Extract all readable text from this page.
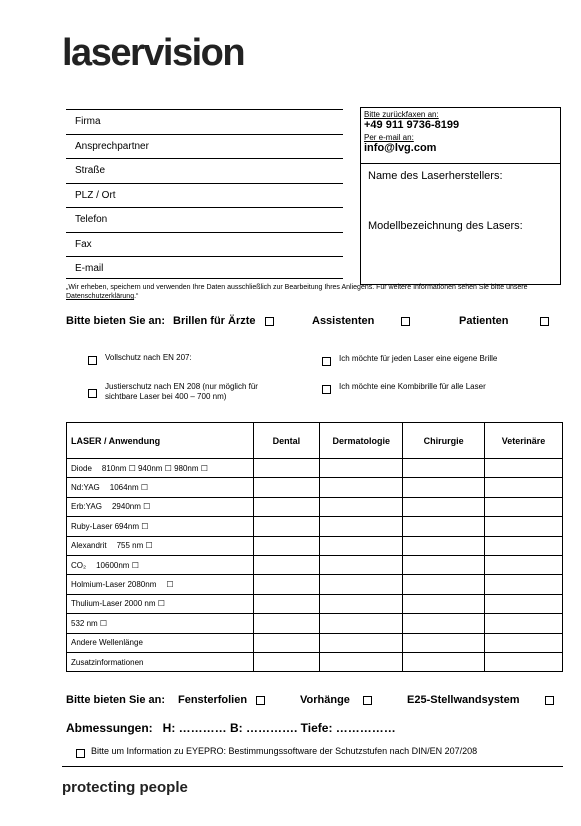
laservision
Firma
Ansprechpartner
Straße
PLZ / Ort
Telefon
Fax
E-mail
Bitte zurückfaxen an:
+49 911 9736-8199
Per e-mail an:
info@lvg.com
Name des Laserherstellers:
Modellbezeichnung des Lasers:
„Wir erheben, speichern und verwenden Ihre Daten ausschließlich zur Bearbeitung Ihres Anliegens. Für weitere Informationen sehen Sie bitte unsere Datenschutzerklärung.“
Bitte bieten Sie an: Brillen für Ärzte	Assistenten	Patienten
Vollschutz nach EN 207:
Justierschutz nach EN 208 (nur möglich für
sichtbare Laser bei 400 – 700 nm)
Ich möchte für jeden Laser eine eigene Brille
Ich möchte eine Kombibrille für alle Laser
LASER / Anwendung	Dental	Dermatologie	Chirurgie	Veterinäre
Diode 810nm ☐ 940nm ☐ 980nm ☐				
Nd:YAG 1064nm ☐				
Erb:YAG 2940nm ☐				
Ruby-Laser 694nm ☐				
Alexandrit 755 nm ☐				
CO₂ 10600nm ☐				
Holmium-Laser 2080nm ☐				
Thulium-Laser 2000 nm ☐				
532 nm ☐				
Andere Wellenlänge				
Zusatzinformationen				
Bitte bieten Sie an: Fensterfolien	Vorhänge	E25-Stellwandsystem
Abmessungen:   H: ………… B: …………. Tiefe: ……………
Bitte um Information zu EYEPRO: Bestimmungssoftware der Schutzstufen nach DIN/EN 207/208
protecting people
